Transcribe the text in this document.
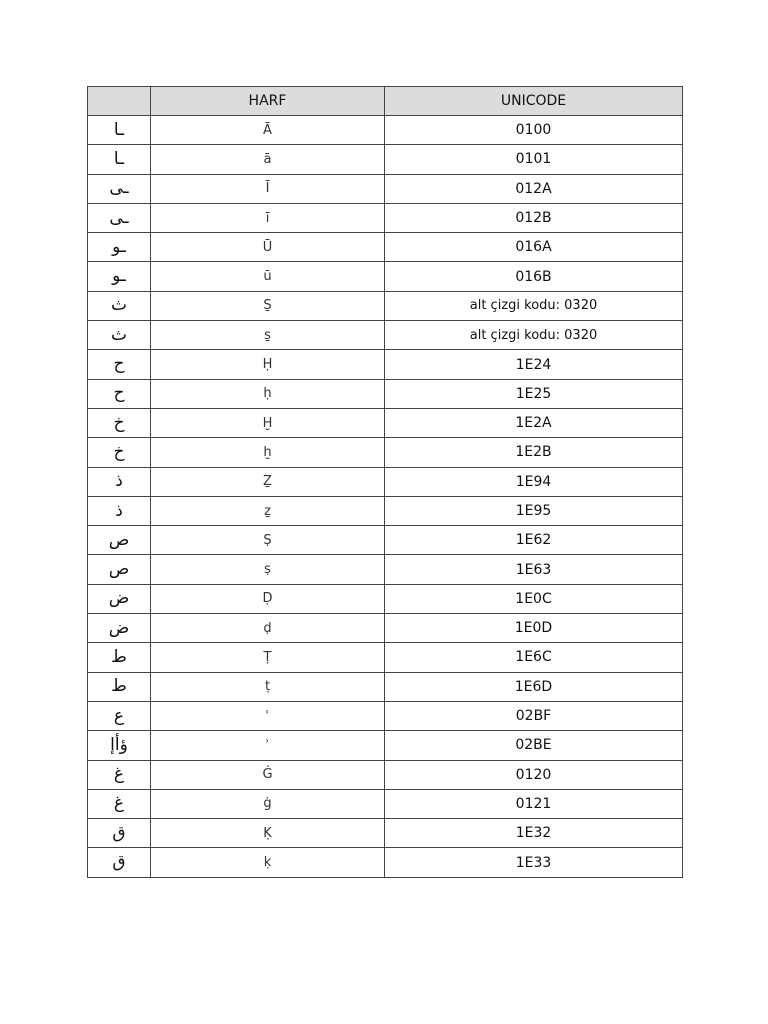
	HARF	UNICODE
ـا	Ā	0100
ـا	ā	0101
ـى	Ī	012A
ـى	ī	012B
ـو	Ū	016A
ـو	ū	016B
ث	S̱	alt çizgi kodu: 0320
ث	s̱	alt çizgi kodu: 0320
ح	Ḥ	1E24
ح	ḥ	1E25
خ	Ḫ	1E2A
خ	ḫ	1E2B
ذ	Ẕ	1E94
ذ	ẕ	1E95
ص	Ṣ	1E62
ص	ṣ	1E63
ض	Ḍ	1E0C
ض	ḍ	1E0D
ط	Ṭ	1E6C
ط	ṭ	1E6D
ع	ʿ	02BF
ؤأإ	ʾ	02BE
غ	Ġ	0120
غ	ġ	0121
ق	Ḳ	1E32
ق	ḳ	1E33
